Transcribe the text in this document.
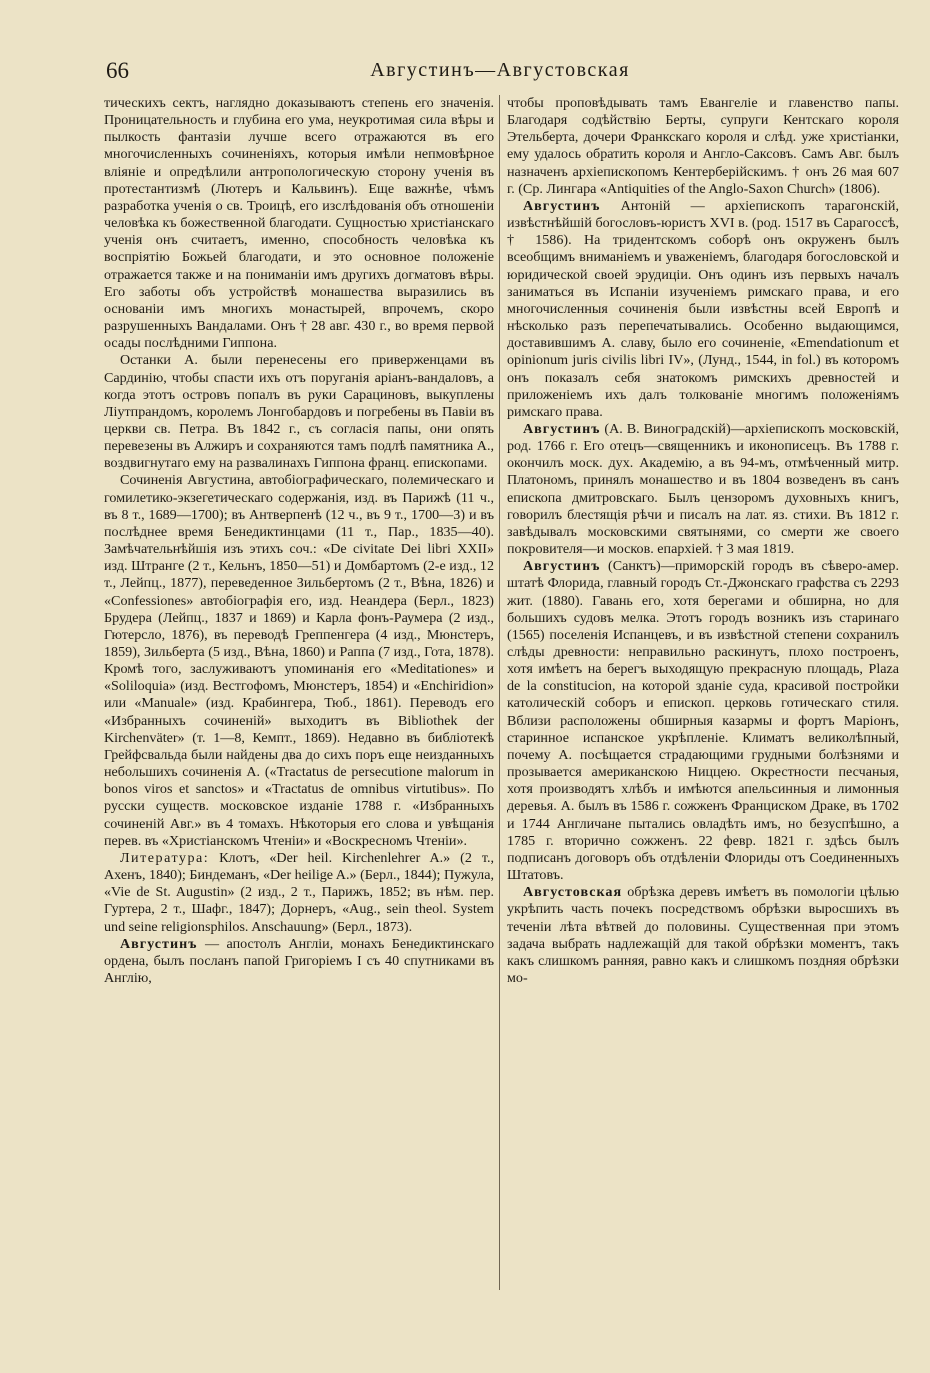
66	Августинъ—Августовская

тическихъ сектъ, наглядно доказываютъ степень его значенія. Проницательность и глубина его ума, неукротимая сила вѣры и пылкость фантазіи лучше всего отражаются въ его многочисленныхъ сочиненіяхъ, которыя имѣли непмовѣрное вліяніе и опредѣлили антропологическую сторону ученія въ протестантизмѣ (Лютеръ и Кальвинъ). Еще важнѣе, чѣмъ разработка ученія о св. Троицѣ, его изслѣдованія объ отношеніи человѣка къ божественной благодати. Сущностью христіанскаго ученія онъ считаетъ, именно, способность человѣка къ воспріятію Божьей благодати, и это основное положеніе отражается также и на пониманіи имъ другихъ догматовъ вѣры. Его заботы объ устройствѣ монашества выразились въ основаніи имъ многихъ монастырей, впрочемъ, скоро разрушенныхъ Вандалами. Онъ † 28 авг. 430 г., во время первой осады послѣдними Гиппона.

Останки А. были перенесены его приверженцами въ Сардинію, чтобы спасти ихъ отъ поруганія аріанъ-вандаловъ, а когда этотъ островъ попалъ въ руки Сарациновъ, выкуплены Ліутпрандомъ, королемъ Лонгобардовъ и погребены въ Павіи въ церкви св. Петра. Въ 1842 г., съ согласія папы, они опять перевезены въ Алжиръ и сохраняются тамъ подлѣ памятника А., воздвигнутаго ему на развалинахъ Гиппона франц. епископами.

Сочиненія Августина, автобіографическаго, полемическаго и гомилетико-экзегетическаго содержанія, изд. въ Парижѣ (11 ч., въ 8 т., 1689—1700); въ Антверпенѣ (12 ч., въ 9 т., 1700—3) и въ послѣднее время Бенедиктинцами (11 т., Пар., 1835—40). Замѣчательнѣйшія изъ этихъ соч.: «De civitate Dei libri XXII» изд. Штранге (2 т., Кельнъ, 1850—51) и Домбартомъ (2-е изд., 12 т., Лейпц., 1877), переведенное Зильбертомъ (2 т., Вѣна, 1826) и «Confessiones» автобіографія его, изд. Неандера (Берл., 1823) Брудера (Лейпц., 1837 и 1869) и Карла фонъ-Раумера (2 изд., Гютерсло, 1876), въ переводѣ Греппенгера (4 изд., Мюнстеръ, 1859), Зильберта (5 изд., Вѣна, 1860) и Раппа (7 изд., Гота, 1878). Кромѣ того, заслуживаютъ упоминанія его «Meditationes» и «Soliloquia» (изд. Вестгофомъ, Мюнстеръ, 1854) и «Enchiridion» или «Manuale» (изд. Крабингера, Тюб., 1861). Переводъ его «Избранныхъ сочиненій» выходитъ въ Bibliothek der Kirchenväter» (т. 1—8, Кемпт., 1869). Недавно въ библіотекѣ Грейфсвальда были найдены два до сихъ поръ еще неизданныхъ небольшихъ сочиненія А. («Tractatus de persecutione malorum in bonos viros et sanctos» и «Tractatus de omnibus virtutibus». По русски существ. московское изданіе 1788 г. «Избранныхъ сочиненій Авг.» въ 4 томахъ. Нѣкоторыя его слова и увѣщанія перев. въ «Христіанскомъ Чтеніи» и «Воскресномъ Чтеніи».

Литература: Клотъ, «Der heil. Kirchenlehrer A.» (2 т., Ахенъ, 1840); Биндеманъ, «Der heilige A.» (Берл., 1844); Пужула, «Vie de St. Augustin» (2 изд., 2 т., Парижъ, 1852; въ нѣм. пер. Гуртера, 2 т., Шафг., 1847); Дорнеръ, «Aug., sein theol. System und seine religionsphilos. Anschauung» (Берл., 1873).

Августинъ — апостолъ Англіи, монахъ Бенедиктинскаго ордена, былъ посланъ папой Григоріемъ I съ 40 спутниками въ Англію,

чтобы проповѣдывать тамъ Евангеліе и главенство папы. Благодаря содѣйствію Берты, супруги Кентскаго короля Этельберта, дочери Франкскаго короля и слѣд. уже христіанки, ему удалось обратить короля и Англо-Саксовъ. Самъ Авг. былъ назначенъ архіепископомъ Кентерберійскимъ. † онъ 26 мая 607 г. (Ср. Лингара «Antiquities of the Anglo-Saxon Church» (1806).

Августинъ Антоній — архіепископъ тарагонскій, извѣстнѣйшій богословъ-юристъ XVI в. (род. 1517 въ Сарагоссѣ, † 1586). На тридентскомъ соборѣ онъ окруженъ былъ всеобщимъ вниманіемъ и уваженіемъ, благодаря богословской и юридической своей эрудиціи. Онъ одинъ изъ первыхъ началъ заниматься въ Испаніи изученіемъ римскаго права, и его многочисленныя сочиненія были извѣстны всей Европѣ и нѣсколько разъ перепечатывались. Особенно выдающимся, доставившимъ А. славу, было его сочиненіе, «Emendationum et opinionum juris civilis libri IV», (Лунд., 1544, in fol.) въ которомъ онъ показалъ себя знатокомъ римскихъ древностей и приложеніемъ ихъ далъ толкованіе многимъ положеніямъ римскаго права.

Августинъ (А. В. Виноградскій)—архіепископъ московскій, род. 1766 г. Его отецъ—священникъ и иконописецъ. Въ 1788 г. окончилъ моск. дух. Академію, а въ 94-мъ, отмѣченный митр. Платономъ, принялъ монашество и въ 1804 возведенъ въ санъ епископа дмитровскаго. Былъ цензоромъ духовныхъ книгъ, говорилъ блестящія рѣчи и писалъ на лат. яз. стихи. Въ 1812 г. завѣдывалъ московскими святынями, со смерти же своего покровителя—и москов. епархіей. † 3 мая 1819.

Августинъ (Санктъ)—приморскій городъ въ сѣверо-амер. штатѣ Флорида, главный городъ Ст.-Джонскаго графства съ 2293 жит. (1880). Гавань его, хотя берегами и обширна, но для большихъ судовъ мелка. Этотъ городъ возникъ изъ старинаго (1565) поселенія Испанцевъ, и въ извѣстной степени сохранилъ слѣды древности: неправильно раскинутъ, плохо построенъ, хотя имѣетъ на берегъ выходящую прекрасную площадь, Plaza de la constitucion, на которой зданіе суда, красивой постройки католическій соборъ и епископ. церковь готическаго стиля. Вблизи расположены обширныя казармы и фортъ Маріонъ, старинное испанское укрѣпленіе. Климатъ великолѣпный, почему А. посѣщается страдающими грудными болѣзнями и прозывается американскою Ниццею. Окрестности песчаныя, хотя производятъ хлѣбъ и имѣются апельсинныя и лимонныя деревья. А. былъ въ 1586 г. сожженъ Франциском Драке, въ 1702 и 1744 Англичане пытались овладѣть имъ, но безуспѣшно, а 1785 г. вторично сожженъ. 22 февр. 1821 г. здѣсь былъ подписанъ договоръ объ отдѣленіи Флориды отъ Соединенныхъ Штатовъ.

Августовская обрѣзка деревъ имѣетъ въ помологіи цѣлью укрѣпить часть почекъ посредствомъ обрѣзки выросшихъ въ теченіи лѣта вѣтвей до половины. Существенная при этомъ задача выбрать надлежащій для такой обрѣзки моментъ, такъ какъ слишкомъ ранняя, равно какъ и слишкомъ поздняя обрѣзки мо-
